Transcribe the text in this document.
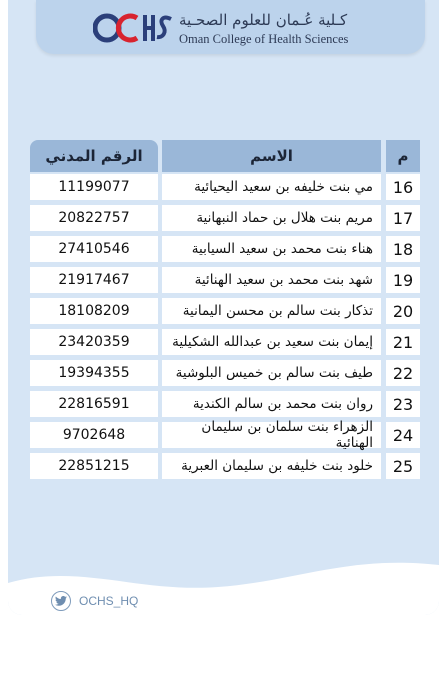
كـلية عُـمان للعلوم الصحـية
Oman College of Health Sciences
الرقم المدني	الاسم	م
11199077	مي بنت خليفه بن سعيد اليحيائية	16
20822757	مريم بنت هلال بن حماد النبهانية	17
27410546	هناء بنت محمد بن سعيد السيابية	18
21917467	شهد بنت محمد بن سعيد الهنائية	19
18108209	تذكار بنت سالم بن محسن اليمانية	20
23420359	إيمان بنت سعيد بن عبدالله الشكيلية	21
19394355	طيف بنت سالم بن خميس البلوشية	22
22816591	روان بنت محمد بن سالم الكندية	23
9702648	الزهراء بنت سلمان بن سليمان الهنائية	24
22851215	خلود بنت خليفه بن سليمان العبرية	25
OCHS_HQ
